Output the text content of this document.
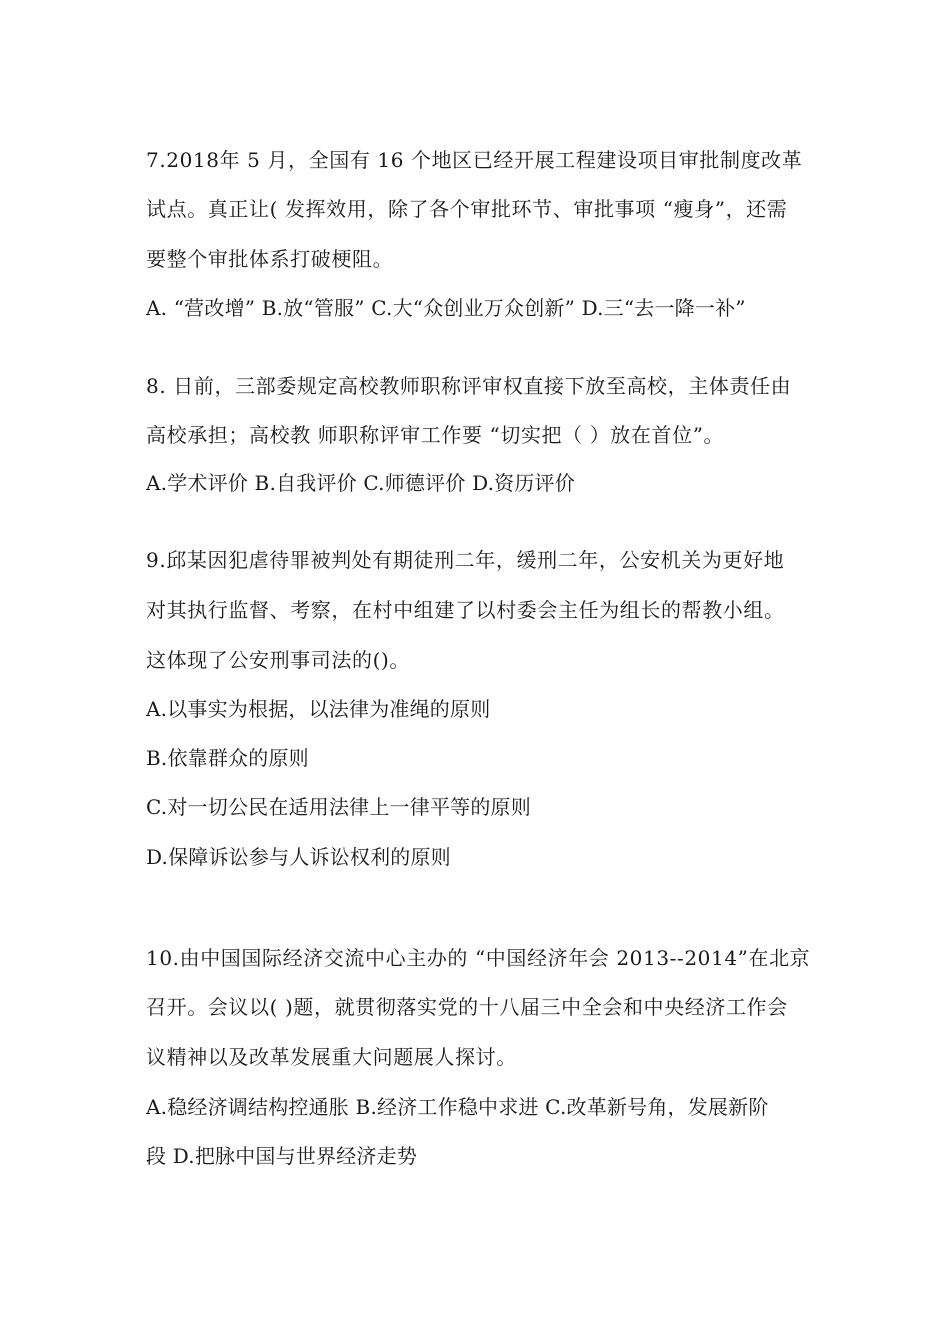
7.2018年 5 月，全国有 16 个地区已经开展工程建设项目审批制度改革
试点。真正让( 发挥效用，除了各个审批环节、审批事项 “瘦身”，还需
要整个审批体系打破梗阻。
A. “营改增” B.放“管服” C.大“众创业万众创新” D.三“去一降一补”
8. 日前，三部委规定高校教师职称评审权直接下放至高校，主体责任由
高校承担；高校教 师职称评审工作要 “切实把（ ）放在首位”。
A.学术评价 B.自我评价 C.师德评价 D.资历评价
9.邱某因犯虐待罪被判处有期徒刑二年，缓刑二年，公安机关为更好地
对其执行监督、考察，在村中组建了以村委会主任为组长的帮教小组。
这体现了公安刑事司法的()。
A.以事实为根据，以法律为准绳的原则
B.依靠群众的原则
C.对一切公民在适用法律上一律平等的原则
D.保障诉讼参与人诉讼权利的原则
10.由中国国际经济交流中心主办的 “中国经济年会 2013--2014”在北京
召开。会议以( )题，就贯彻落实党的十八届三中全会和中央经济工作会
议精神以及改革发展重大问题展人探讨。
A.稳经济调结构控通胀 B.经济工作稳中求进 C.改革新号角，发展新阶
段 D.把脉中国与世界经济走势
